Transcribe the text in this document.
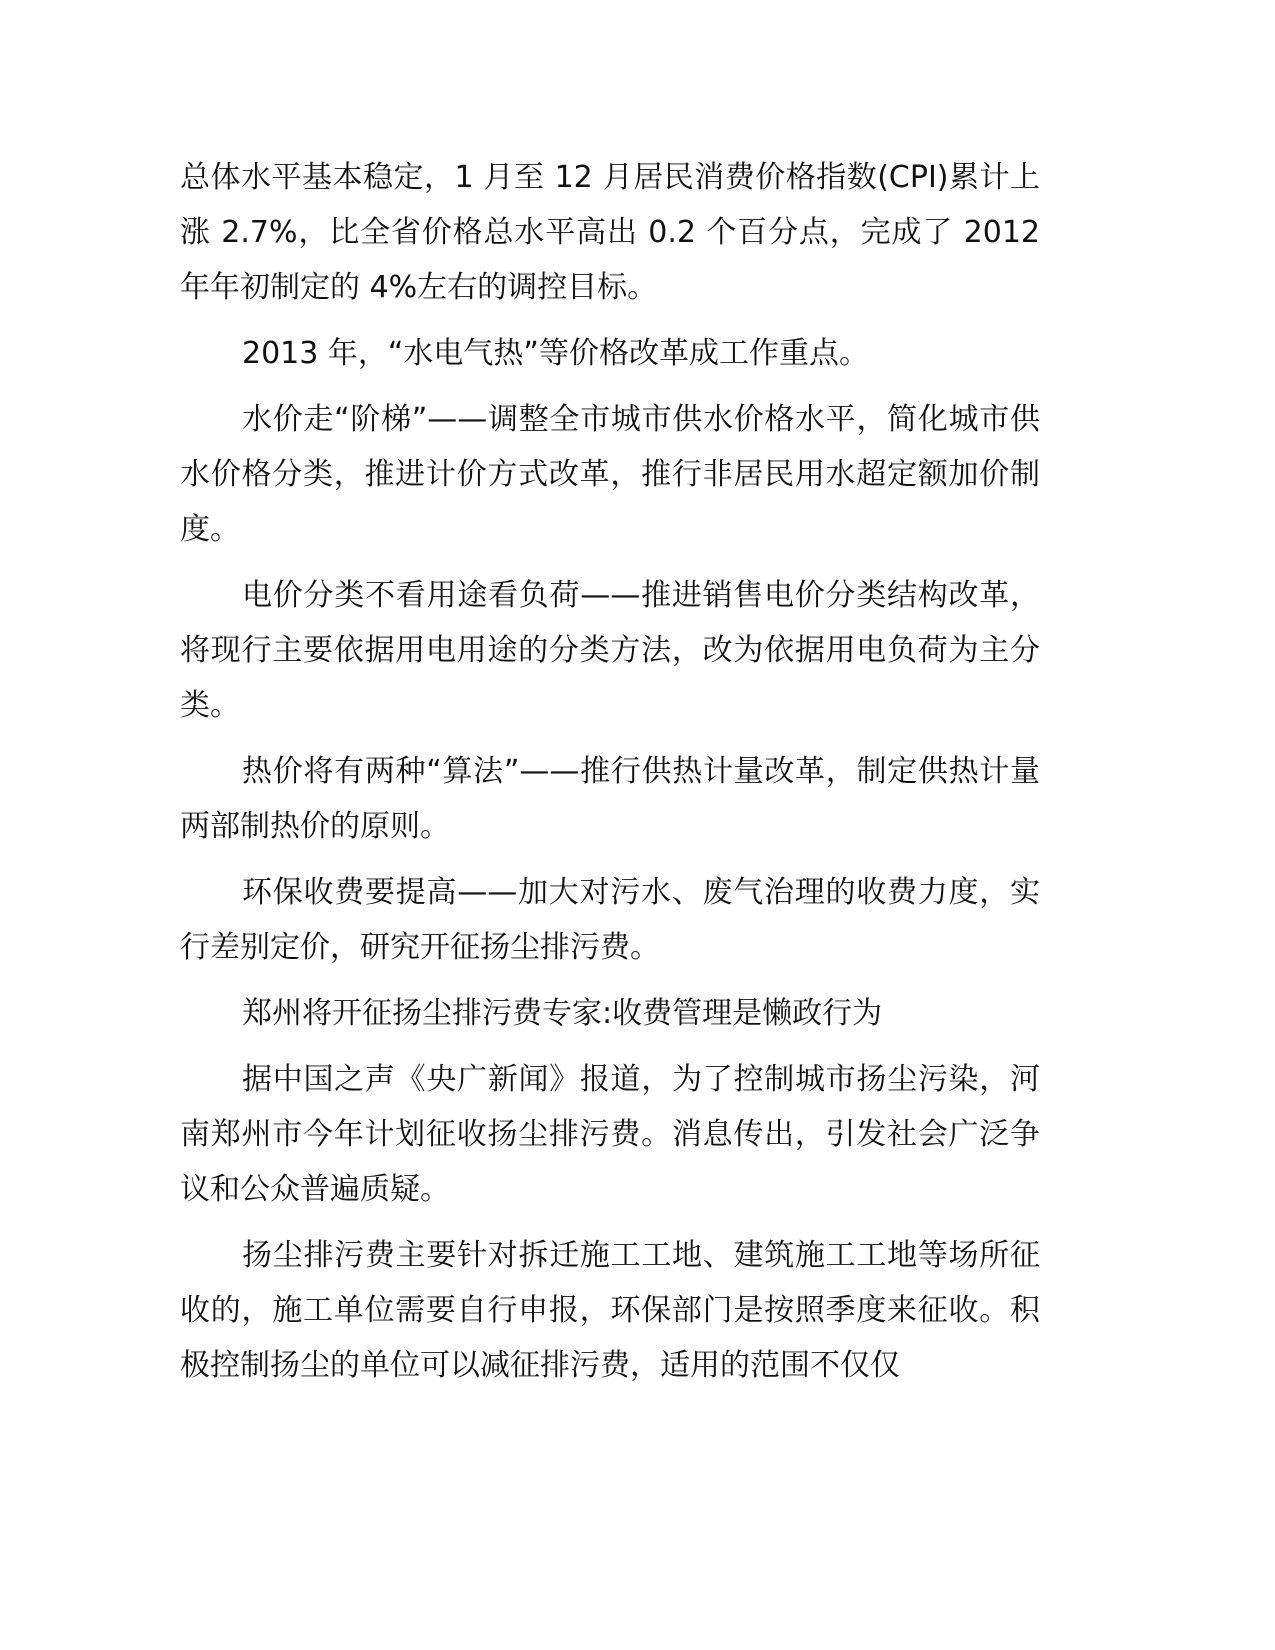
总体水平基本稳定，1 月至 12 月居民消费价格指数(CPI)累计上涨 2.7%，比全省价格总水平高出 0.2 个百分点，完成了 2012 年年初制定的 4%左右的调控目标。

2013 年，“水电气热”等价格改革成工作重点。

水价走“阶梯”——调整全市城市供水价格水平，简化城市供水价格分类，推进计价方式改革，推行非居民用水超定额加价制度。

电价分类不看用途看负荷——推进销售电价分类结构改革，将现行主要依据用电用途的分类方法，改为依据用电负荷为主分类。

热价将有两种“算法”——推行供热计量改革，制定供热计量两部制热价的原则。

环保收费要提高——加大对污水、废气治理的收费力度，实行差别定价，研究开征扬尘排污费。

郑州将开征扬尘排污费专家:收费管理是懒政行为

据中国之声《央广新闻》报道，为了控制城市扬尘污染，河南郑州市今年计划征收扬尘排污费。消息传出，引发社会广泛争议和公众普遍质疑。

扬尘排污费主要针对拆迁施工工地、建筑施工工地等场所征收的，施工单位需要自行申报，环保部门是按照季度来征收。积极控制扬尘的单位可以减征排污费，适用的范围不仅仅
